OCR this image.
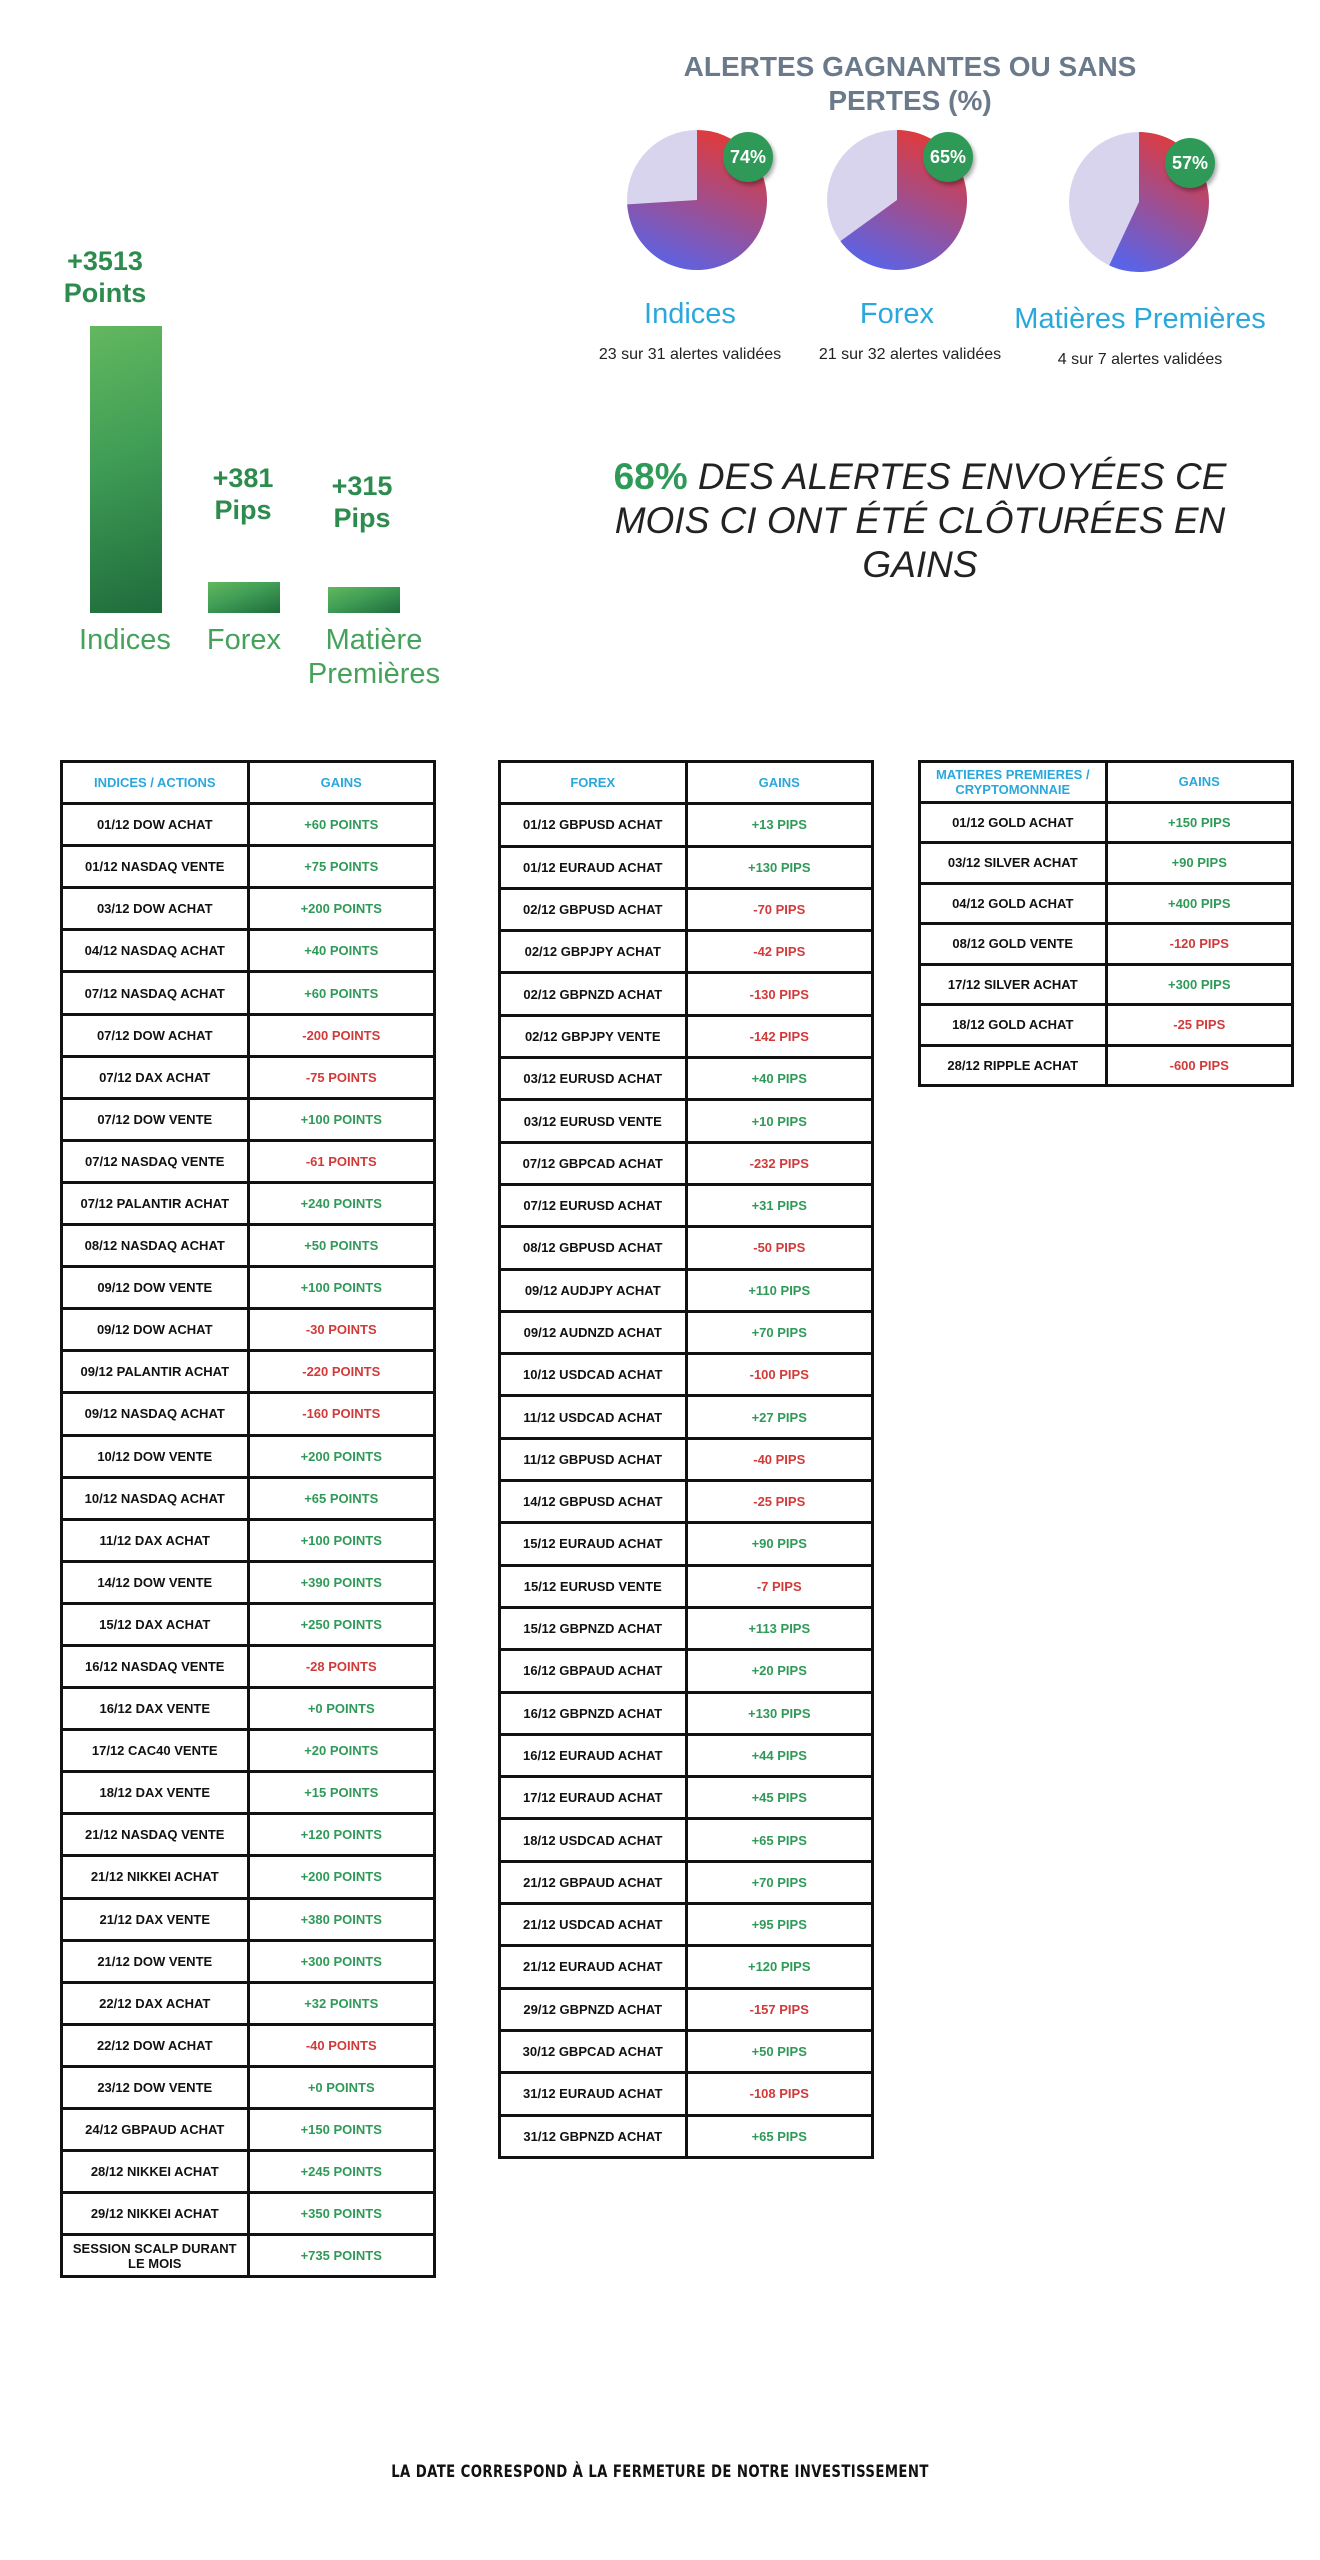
+3513 Points
Indices
+381 Pips
Forex
+315 Pips
Matière Premières
ALERTES GAGNANTES OU SANS PERTES (%)
74%	65%	57%
Indices	Forex	Matières Premières
23 sur 31 alertes validées	21 sur 32 alertes validées	4 sur 7 alertes validées
68% DES ALERTES ENVOYÉES CE MOIS CI ONT ÉTÉ CLÔTURÉES EN GAINS
INDICES / ACTIONS	GAINS
01/12 DOW ACHAT	+60 POINTS
01/12 NASDAQ VENTE	+75 POINTS
03/12 DOW ACHAT	+200 POINTS
04/12 NASDAQ ACHAT	+40 POINTS
07/12 NASDAQ ACHAT	+60 POINTS
07/12 DOW ACHAT	-200 POINTS
07/12 DAX ACHAT	-75 POINTS
07/12 DOW VENTE	+100 POINTS
07/12 NASDAQ VENTE	-61 POINTS
07/12 PALANTIR ACHAT	+240 POINTS
08/12 NASDAQ ACHAT	+50 POINTS
09/12 DOW VENTE	+100 POINTS
09/12 DOW ACHAT	-30 POINTS
09/12 PALANTIR ACHAT	-220 POINTS
09/12 NASDAQ ACHAT	-160 POINTS
10/12 DOW VENTE	+200 POINTS
10/12 NASDAQ ACHAT	+65 POINTS
11/12 DAX ACHAT	+100 POINTS
14/12 DOW VENTE	+390 POINTS
15/12 DAX ACHAT	+250 POINTS
16/12 NASDAQ VENTE	-28 POINTS
16/12 DAX VENTE	+0 POINTS
17/12 CAC40 VENTE	+20 POINTS
18/12 DAX VENTE	+15 POINTS
21/12 NASDAQ VENTE	+120 POINTS
21/12 NIKKEI ACHAT	+200 POINTS
21/12 DAX VENTE	+380 POINTS
21/12 DOW VENTE	+300 POINTS
22/12 DAX ACHAT	+32 POINTS
22/12 DOW ACHAT	-40 POINTS
23/12 DOW VENTE	+0 POINTS
24/12 GBPAUD ACHAT	+150 POINTS
28/12 NIKKEI ACHAT	+245 POINTS
29/12 NIKKEI ACHAT	+350 POINTS
SESSION SCALP DURANT LE MOIS	+735 POINTS
FOREX	GAINS
01/12 GBPUSD ACHAT	+13 PIPS
01/12 EURAUD ACHAT	+130 PIPS
02/12 GBPUSD ACHAT	-70 PIPS
02/12 GBPJPY ACHAT	-42 PIPS
02/12 GBPNZD ACHAT	-130 PIPS
02/12 GBPJPY VENTE	-142 PIPS
03/12 EURUSD ACHAT	+40 PIPS
03/12 EURUSD VENTE	+10 PIPS
07/12 GBPCAD ACHAT	-232 PIPS
07/12 EURUSD ACHAT	+31 PIPS
08/12 GBPUSD ACHAT	-50 PIPS
09/12 AUDJPY ACHAT	+110 PIPS
09/12 AUDNZD ACHAT	+70 PIPS
10/12 USDCAD ACHAT	-100 PIPS
11/12 USDCAD ACHAT	+27 PIPS
11/12 GBPUSD ACHAT	-40 PIPS
14/12 GBPUSD ACHAT	-25 PIPS
15/12 EURAUD ACHAT	+90 PIPS
15/12 EURUSD VENTE	-7 PIPS
15/12 GBPNZD ACHAT	+113 PIPS
16/12 GBPAUD ACHAT	+20 PIPS
16/12 GBPNZD ACHAT	+130 PIPS
16/12 EURAUD ACHAT	+44 PIPS
17/12 EURAUD ACHAT	+45 PIPS
18/12 USDCAD ACHAT	+65 PIPS
21/12 GBPAUD ACHAT	+70 PIPS
21/12 USDCAD ACHAT	+95 PIPS
21/12 EURAUD ACHAT	+120 PIPS
29/12 GBPNZD ACHAT	-157 PIPS
30/12 GBPCAD ACHAT	+50 PIPS
31/12 EURAUD ACHAT	-108 PIPS
31/12 GBPNZD ACHAT	+65 PIPS
MATIERES PREMIERES / CRYPTOMONNAIE	GAINS
01/12 GOLD ACHAT	+150 PIPS
03/12 SILVER ACHAT	+90 PIPS
04/12 GOLD ACHAT	+400 PIPS
08/12 GOLD VENTE	-120 PIPS
17/12 SILVER ACHAT	+300 PIPS
18/12 GOLD ACHAT	-25 PIPS
28/12 RIPPLE ACHAT	-600 PIPS
LA DATE CORRESPOND À LA FERMETURE DE NOTRE INVESTISSEMENT
